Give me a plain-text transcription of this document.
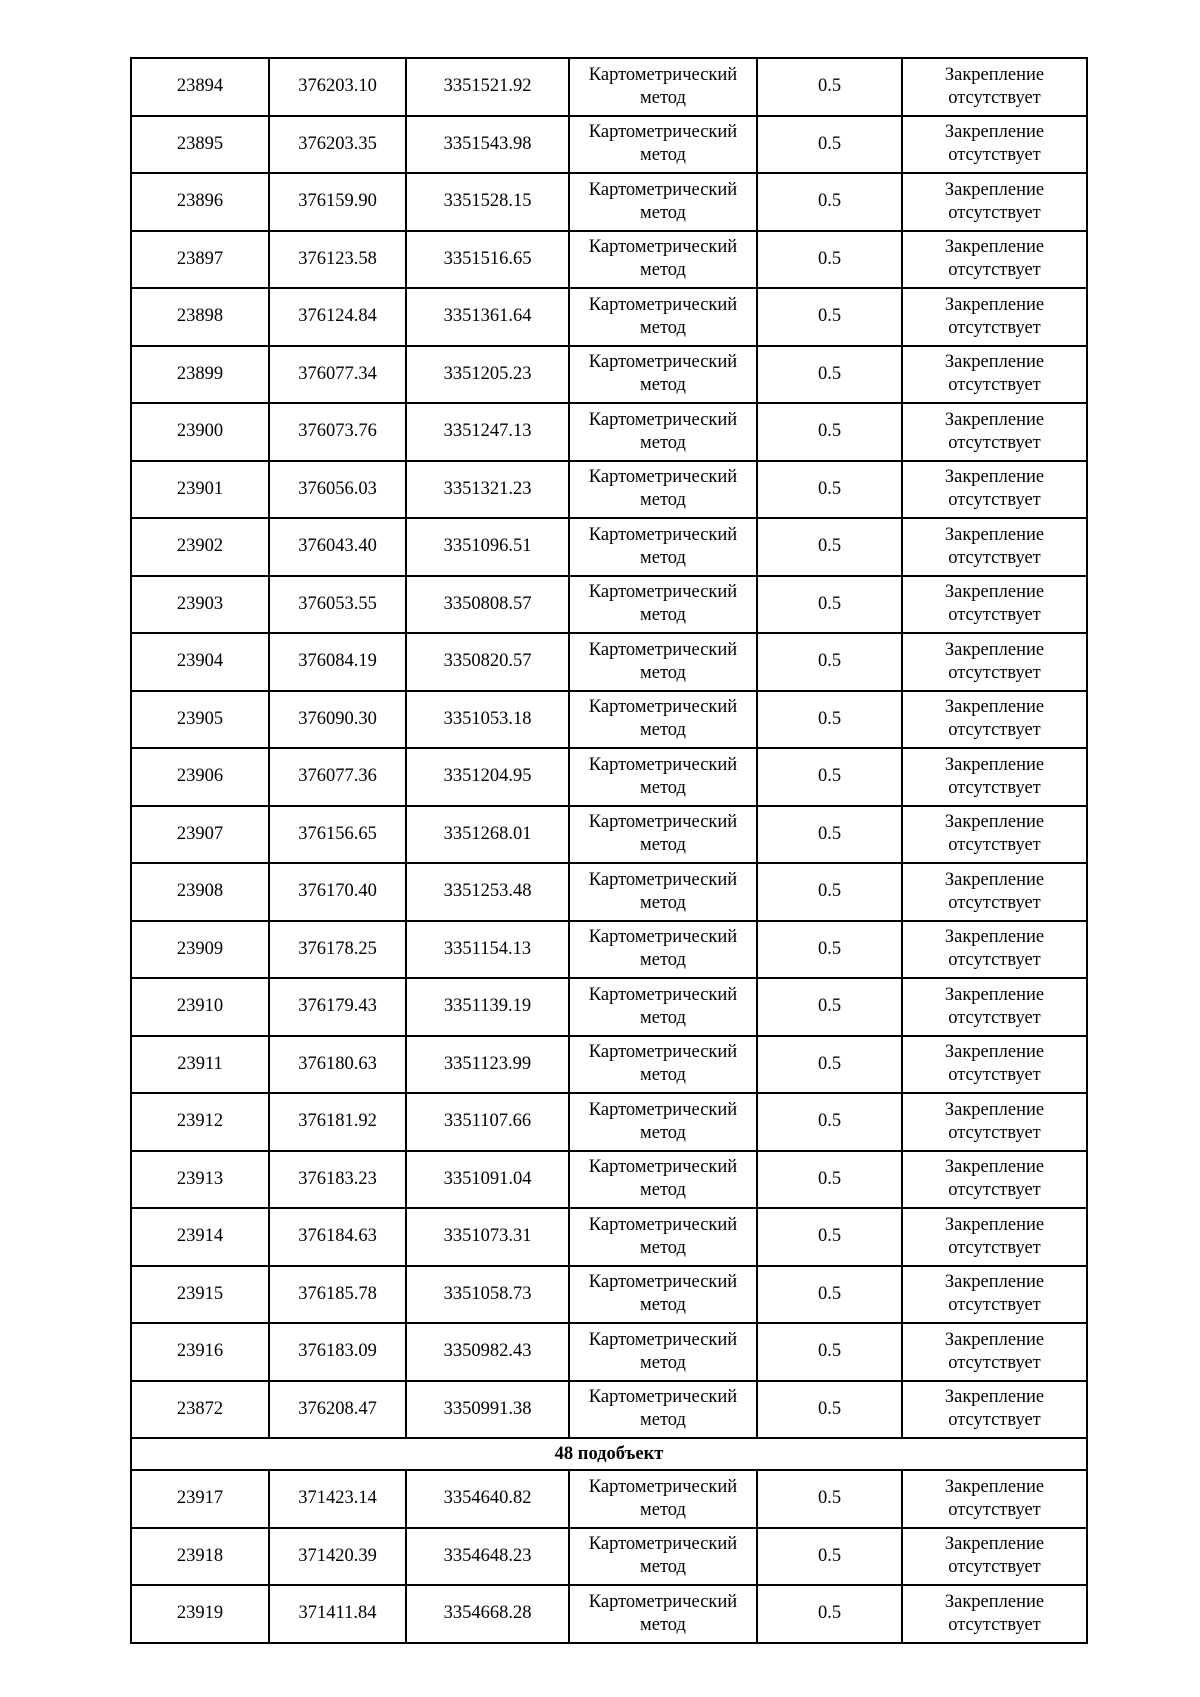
23894	376203.10	3351521.92	Картометрический метод	0.5	Закрепление отсутствует

23895	376203.35	3351543.98	Картометрический метод	0.5	Закрепление отсутствует

23896	376159.90	3351528.15	Картометрический метод	0.5	Закрепление отсутствует

23897	376123.58	3351516.65	Картометрический метод	0.5	Закрепление отсутствует

23898	376124.84	3351361.64	Картометрический метод	0.5	Закрепление отсутствует

23899	376077.34	3351205.23	Картометрический метод	0.5	Закрепление отсутствует

23900	376073.76	3351247.13	Картометрический метод	0.5	Закрепление отсутствует

23901	376056.03	3351321.23	Картометрический метод	0.5	Закрепление отсутствует

23902	376043.40	3351096.51	Картометрический метод	0.5	Закрепление отсутствует

23903	376053.55	3350808.57	Картометрический метод	0.5	Закрепление отсутствует

23904	376084.19	3350820.57	Картометрический метод	0.5	Закрепление отсутствует

23905	376090.30	3351053.18	Картометрический метод	0.5	Закрепление отсутствует

23906	376077.36	3351204.95	Картометрический метод	0.5	Закрепление отсутствует

23907	376156.65	3351268.01	Картометрический метод	0.5	Закрепление отсутствует

23908	376170.40	3351253.48	Картометрический метод	0.5	Закрепление отсутствует

23909	376178.25	3351154.13	Картометрический метод	0.5	Закрепление отсутствует

23910	376179.43	3351139.19	Картометрический метод	0.5	Закрепление отсутствует

23911	376180.63	3351123.99	Картометрический метод	0.5	Закрепление отсутствует

23912	376181.92	3351107.66	Картометрический метод	0.5	Закрепление отсутствует

23913	376183.23	3351091.04	Картометрический метод	0.5	Закрепление отсутствует

23914	376184.63	3351073.31	Картометрический метод	0.5	Закрепление отсутствует

23915	376185.78	3351058.73	Картометрический метод	0.5	Закрепление отсутствует

23916	376183.09	3350982.43	Картометрический метод	0.5	Закрепление отсутствует

23872	376208.47	3350991.38	Картометрический метод	0.5	Закрепление отсутствует

48 подобъект					
23917	371423.14	3354640.82	Картометрический метод	0.5	Закрепление отсутствует

23918	371420.39	3354648.23	Картометрический метод	0.5	Закрепление отсутствует

23919	371411.84	3354668.28	Картометрический метод	0.5	Закрепление отсутствует
